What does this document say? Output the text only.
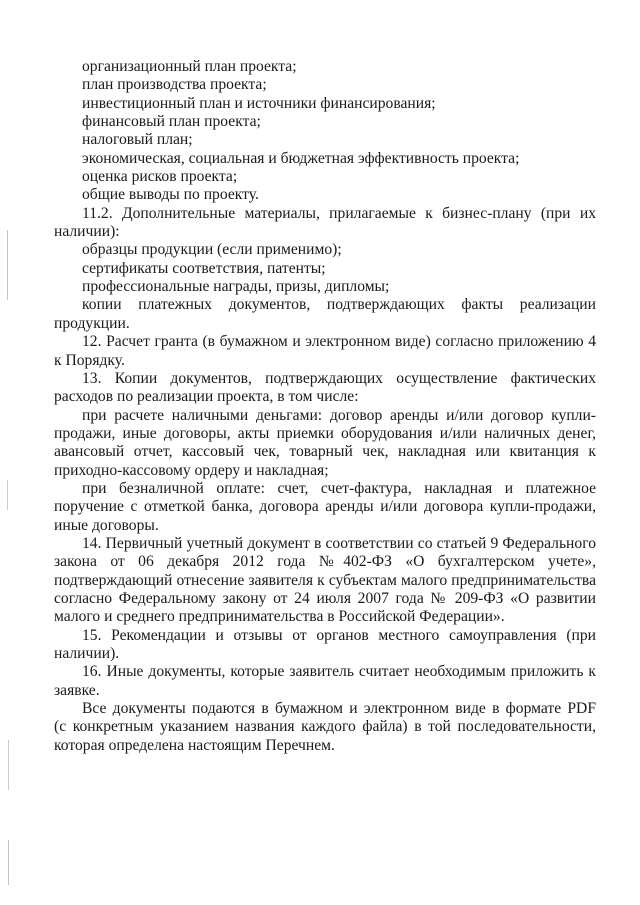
организационный план проекта;
план производства проекта;
инвестиционный план и источники финансирования;
финансовый план проекта;
налоговый план;
экономическая, социальная и бюджетная эффективность проекта;
оценка рисков проекта;
общие выводы по проекту.
11.2. Дополнительные материалы, прилагаемые к бизнес-плану (при их
наличии):
образцы продукции (если применимо);
сертификаты соответствия, патенты;
профессиональные награды, призы, дипломы;
копии платежных документов, подтверждающих факты реализации
продукции.
12. Расчет гранта (в бумажном и электронном виде) согласно приложению 4
к Порядку.
13. Копии документов, подтверждающих осуществление фактических
расходов по реализации проекта, в том числе:
при расчете наличными деньгами: договор аренды и/или договор купли-
продажи, иные договоры, акты приемки оборудования и/или наличных денег,
авансовый отчет, кассовый чек, товарный чек, накладная или квитанция к
приходно-кассовому ордеру и накладная;
при безналичной оплате: счет, счет-фактура, накладная и платежное
поручение с отметкой банка, договора аренды и/или договора купли-продажи,
иные договоры.
14. Первичный учетный документ в соответствии со статьей 9 Федерального
закона от 06 декабря 2012 года №402-ФЗ «О бухгалтерском учете»,
подтверждающий отнесение заявителя к субъектам малого предпринимательства
согласно Федеральному закону от 24 июля 2007 года № 209-ФЗ «О развитии
малого и среднего предпринимательства в Российской Федерации».
15. Рекомендации и отзывы от органов местного самоуправления (при
наличии).
16. Иные документы, которые заявитель считает необходимым приложить к
заявке.
Все документы подаются в бумажном и электронном виде в формате PDF
(с конкретным указанием названия каждого файла) в той последовательности,
которая определена настоящим Перечнем.
